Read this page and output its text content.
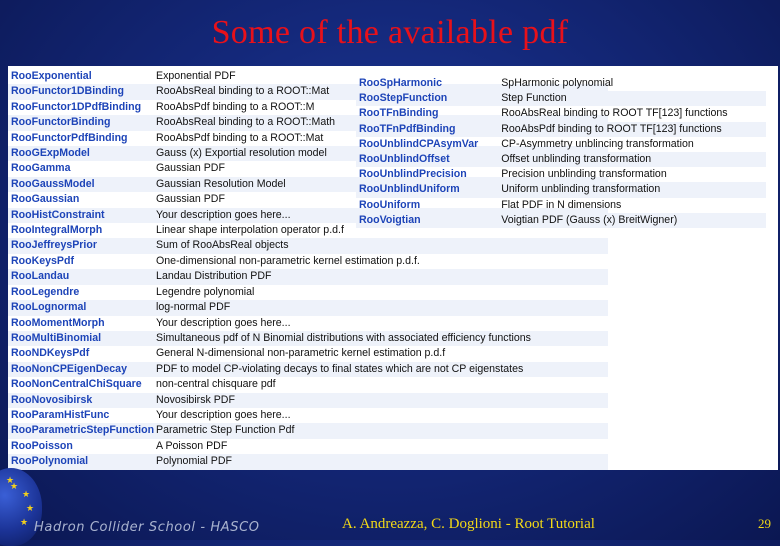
Some of the available pdf
RooExponential	Exponential PDF
RooFunctor1DBinding	RooAbsReal binding to a ROOT::Mat
RooFunctor1DPdfBinding	RooAbsPdf binding to a ROOT::M
RooFunctorBinding	RooAbsReal binding to a ROOT::Math
RooFunctorPdfBinding	RooAbsPdf binding to a ROOT::Mat
RooGExpModel	Gauss (x) Exportial resolution model
RooGamma	Gaussian PDF
RooGaussModel	Gaussian Resolution Model
RooGaussian	Gaussian PDF
RooHistConstraint	Your description goes here...
RooIntegralMorph	Linear shape interpolation operator p.d.f
RooJeffreysPrior	Sum of RooAbsReal objects
RooKeysPdf	One-dimensional non-parametric kernel estimation p.d.f.
RooLandau	Landau Distribution PDF
RooLegendre	Legendre polynomial
RooLognormal	log-normal PDF
RooMomentMorph	Your description goes here...
RooMultiBinomial	Simultaneous pdf of N Binomial distributions with associated efficiency functions
RooNDKeysPdf	General N-dimensional non-parametric kernel estimation p.d.f
RooNonCPEigenDecay	PDF to model CP-violating decays to final states which are not CP eigenstates
RooNonCentralChiSquare	non-central chisquare pdf
RooNovosibirsk	Novosibirsk PDF
RooParamHistFunc	Your description goes here...
RooParametricStepFunction	Parametric Step Function Pdf
RooPoisson	A Poisson PDF
RooPolynomial	Polynomial PDF
RooSpHarmonic	SpHarmonic polynomial
RooStepFunction	Step Function
RooTFnBinding	RooAbsReal binding to ROOT TF[123] functions
RooTFnPdfBinding	RooAbsPdf binding to ROOT TF[123] functions
RooUnblindCPAsymVar	CP-Asymmetry unblincing transformation
RooUnblindOffset	Offset unblinding transformation
RooUnblindPrecision	Precision unblinding transformation
RooUnblindUniform	Uniform unblinding transformation
RooUniform	Flat PDF in N dimensions
RooVoigtian	Voigtian PDF (Gauss (x) BreitWigner)
★
★
★
★
★
Hadron Collider School - HASCO	A. Andreazza, C. Doglioni - Root Tutorial	29
